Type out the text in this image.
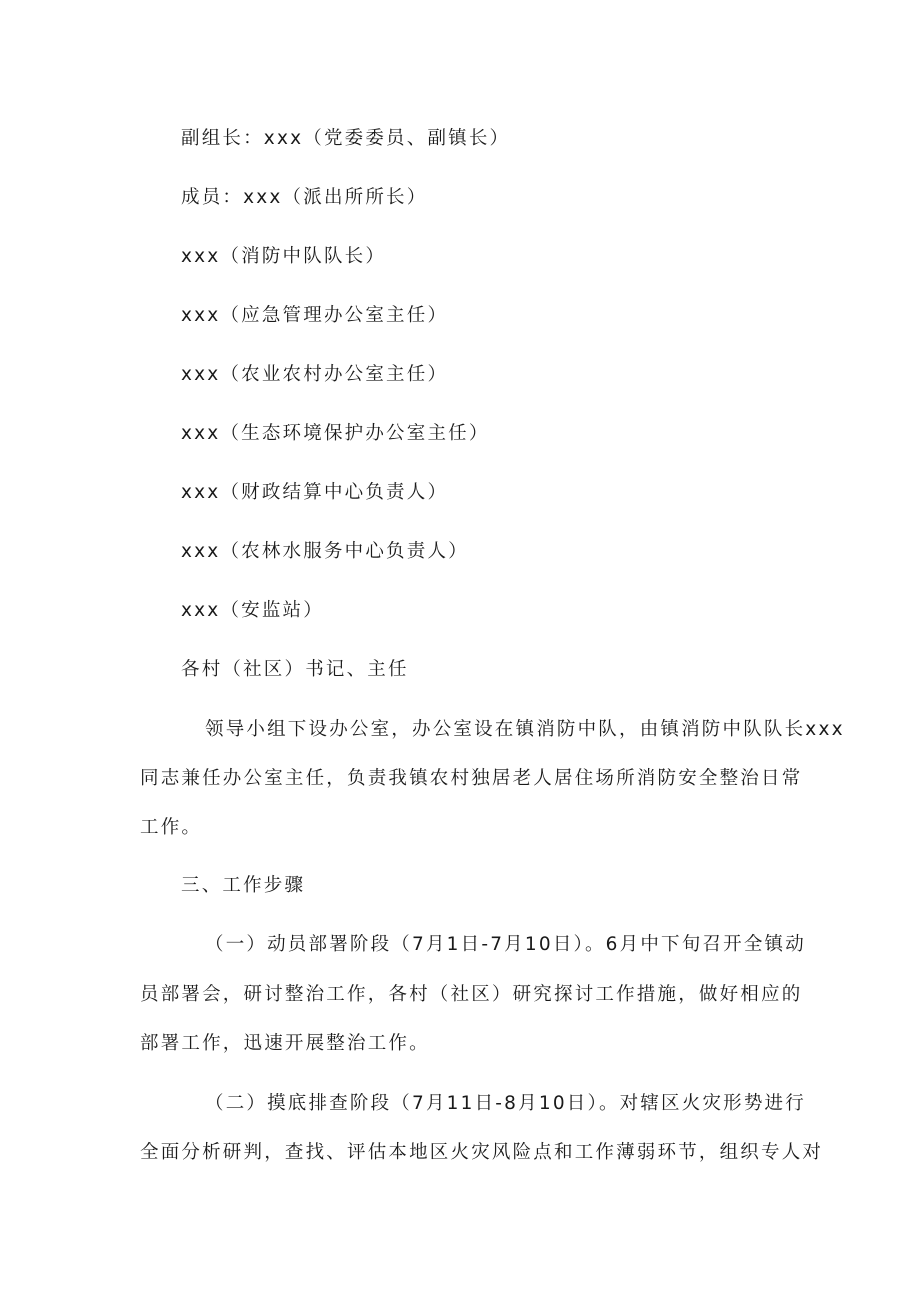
副组长：xxx（党委委员、副镇长）
成员：xxx（派出所所长）
xxx（消防中队队长）
xxx（应急管理办公室主任）
xxx（农业农村办公室主任）
xxx（生态环境保护办公室主任）
xxx（财政结算中心负责人）
xxx（农林水服务中心负责人）
xxx（安监站）
各村（社区）书记、主任
领导小组下设办公室，办公室设在镇消防中队，由镇消防中队队长xxx
同志兼任办公室主任，负责我镇农村独居老人居住场所消防安全整治日常
工作。
三、工作步骤
（一）动员部署阶段（7月1日-7月10日）。6月中下旬召开全镇动
员部署会，研讨整治工作，各村（社区）研究探讨工作措施，做好相应的
部署工作，迅速开展整治工作。
（二）摸底排查阶段（7月11日-8月10日）。对辖区火灾形势进行
全面分析研判，查找、评估本地区火灾风险点和工作薄弱环节，组织专人对
